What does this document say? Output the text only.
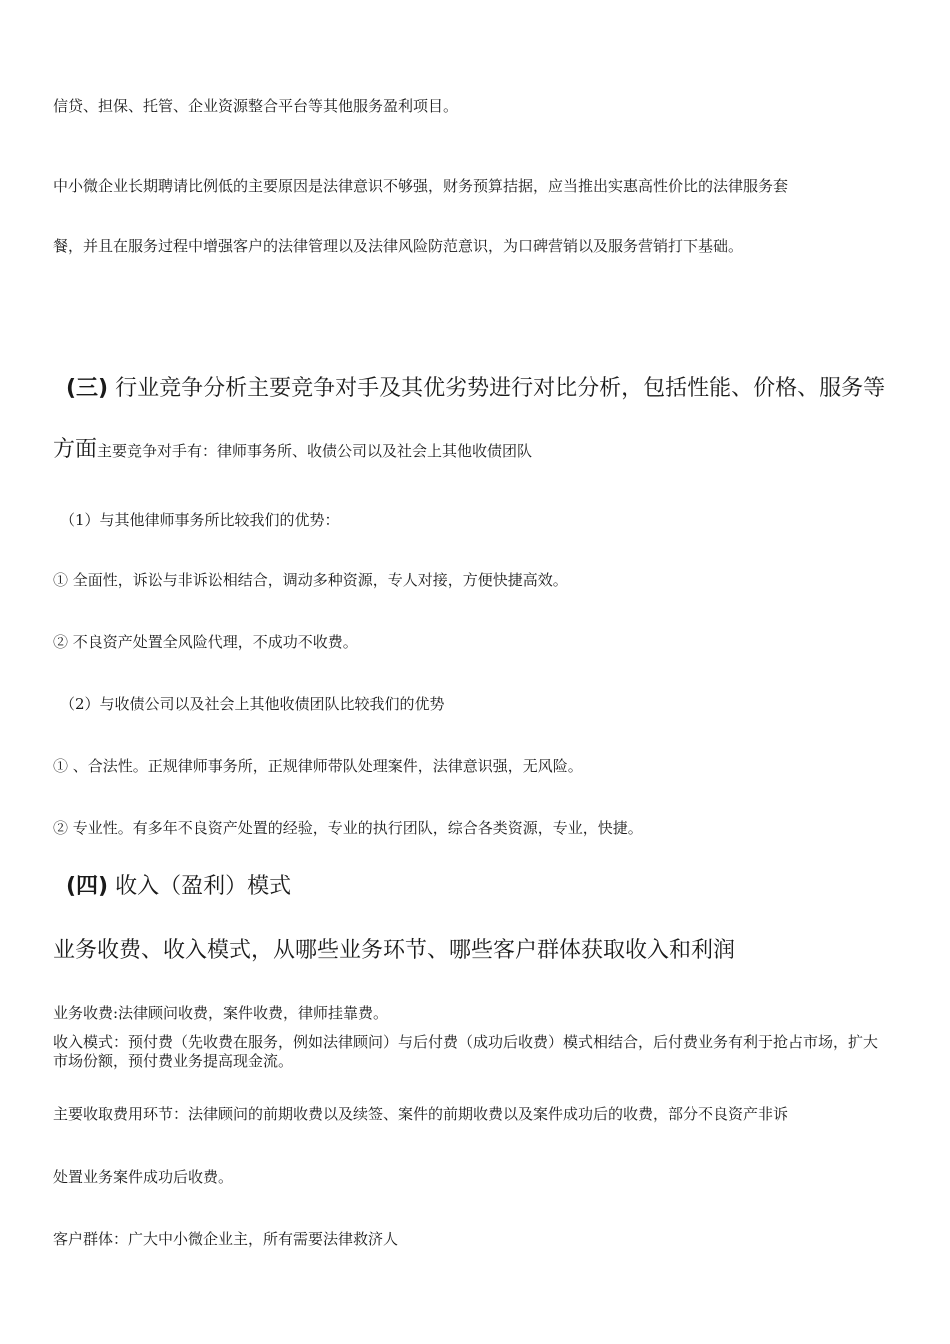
信贷、担保、托管、企业资源整合平台等其他服务盈利项目。
中小微企业长期聘请比例低的主要原因是法律意识不够强，财务预算拮据，应当推出实惠高性价比的法律服务套
餐，并且在服务过程中增强客户的法律管理以及法律风险防范意识，为口碑营销以及服务营销打下基础。
(三) 行业竞争分析主要竞争对手及其优劣势进行对比分析，包括性能、价格、服务等
方面主要竞争对手有：律师事务所、收债公司以及社会上其他收债团队
（1）与其他律师事务所比较我们的优势：
① 全面性，诉讼与非诉讼相结合，调动多种资源，专人对接，方便快捷高效。
② 不良资产处置全风险代理，不成功不收费。
（2）与收债公司以及社会上其他收债团队比较我们的优势
① 、合法性。正规律师事务所，正规律师带队处理案件，法律意识强，无风险。
② 专业性。有多年不良资产处置的经验，专业的执行团队，综合各类资源，专业，快捷。
(四) 收入（盈利）模式
业务收费、收入模式，从哪些业务环节、哪些客户群体获取收入和利润
业务收费:法律顾问收费，案件收费，律师挂靠费。
收入模式：预付费（先收费在服务，例如法律顾问）与后付费（成功后收费）模式相结合，后付费业务有利于抢占市场，扩大市场份额，预付费业务提高现金流。
主要收取费用环节：法律顾问的前期收费以及续签、案件的前期收费以及案件成功后的收费，部分不良资产非诉
处置业务案件成功后收费。
客户群体：广大中小微企业主，所有需要法律救济人
